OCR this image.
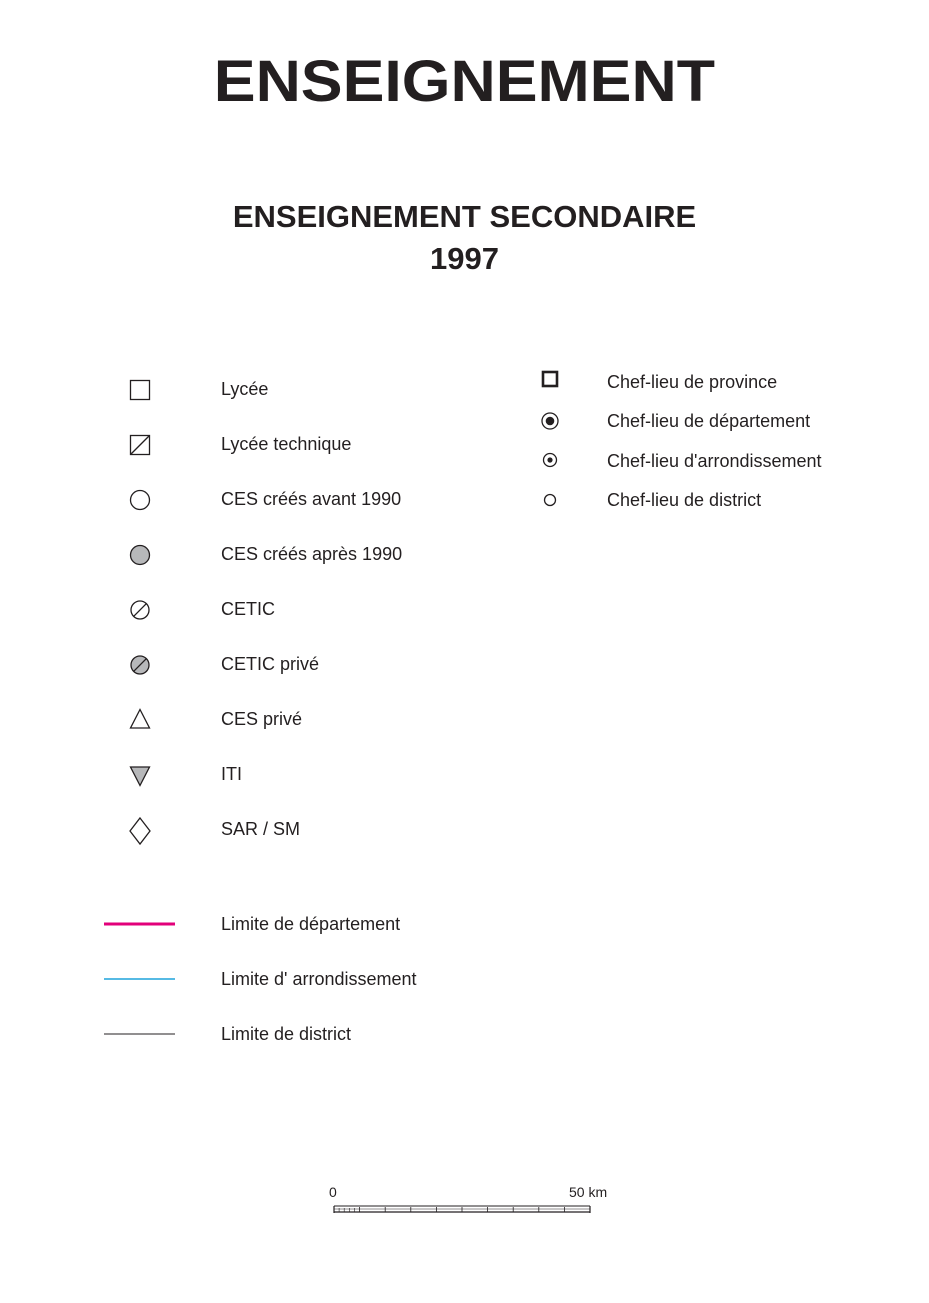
ENSEIGNEMENT
ENSEIGNEMENT SECONDAIRE
1997
Lycée
Lycée technique
CES créés avant 1990
CES créés après 1990
CETIC
CETIC privé
CES privé
ITI
SAR / SM
Chef-lieu de province
Chef-lieu de département
Chef-lieu d'arrondissement
Chef-lieu de district
Limite de département
Limite d' arrondissement
Limite de district
0	50 km
